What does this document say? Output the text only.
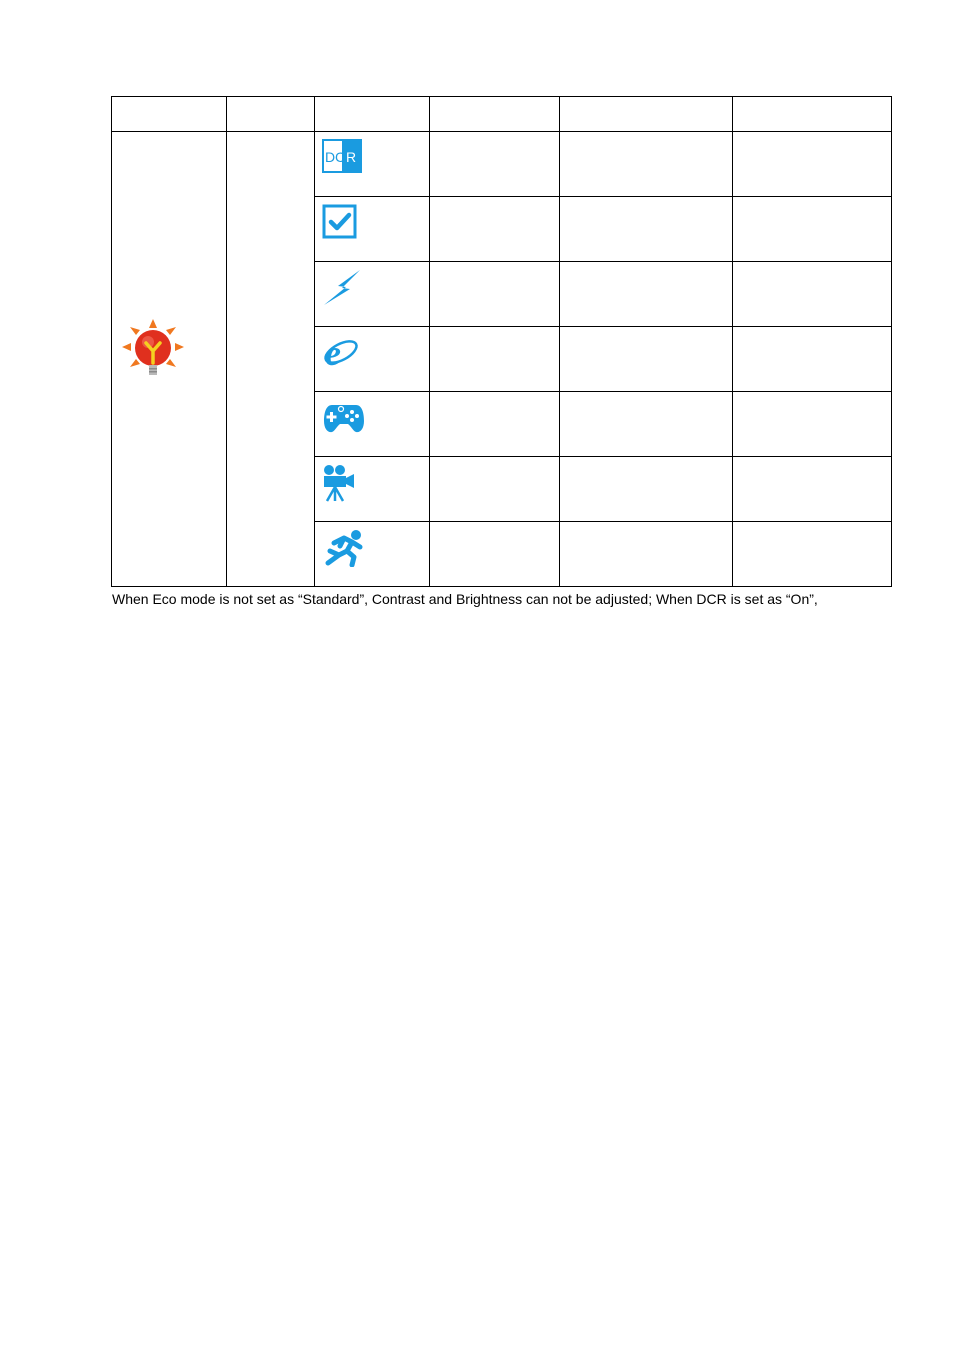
D C R			

e			

When Eco mode is not set as “Standard”, Contrast and Brightness can not be adjusted; When DCR is set as “On”,
